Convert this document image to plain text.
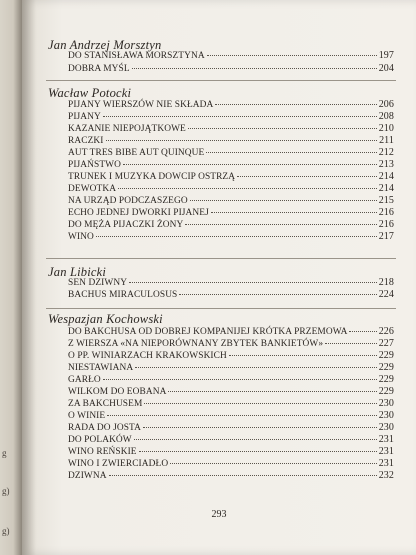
g
g)
g)
Jan Andrzej Morsztyn
DO STANISŁAWA MORSZTYNA	197
DOBRA MYŚL	204
Wacław Potocki
PIJANY WIERSZÓW NIE SKŁADA	206
PIJANY	208
KAZANIE NIEPOJĄTKOWE	210
RACZKI	211
AUT TRES BIBE AUT QUINQUE	212
PIJAŃSTWO	213
TRUNEK I MUZYKA DOWCIP OSTRZĄ	214
DEWOTKA	214
NA URZĄD PODCZASZEGO	215
ECHO JEDNEJ DWORKI PIJANEJ	216
DO MĘŻA PIJACZKI ŻONY	216
WINO	217
Jan Libicki
SEN DZIWNY	218
BACHUS MIRACULOSUS	224
Wespazjan Kochowski
DO BAKCHUSA OD DOBREJ KOMPANIJEJ KRÓTKA PRZEMOWA	226
Z WIERSZA «NA NIEPORÓWNANY ZBYTEK BANKIETÓW»	227
O PP. WINIARZACH KRAKOWSKICH	229
NIESTAWIANA	229
GARŁO	229
WILKOM DO EOBANA	229
ZA BAKCHUSEM	230
O WINIE	230
RADA DO JOSTA	230
DO POLAKÓW	231
WINO REŃSKIE	231
WINO I ZWIERCIADŁO	231
DZIWNA	232
293
